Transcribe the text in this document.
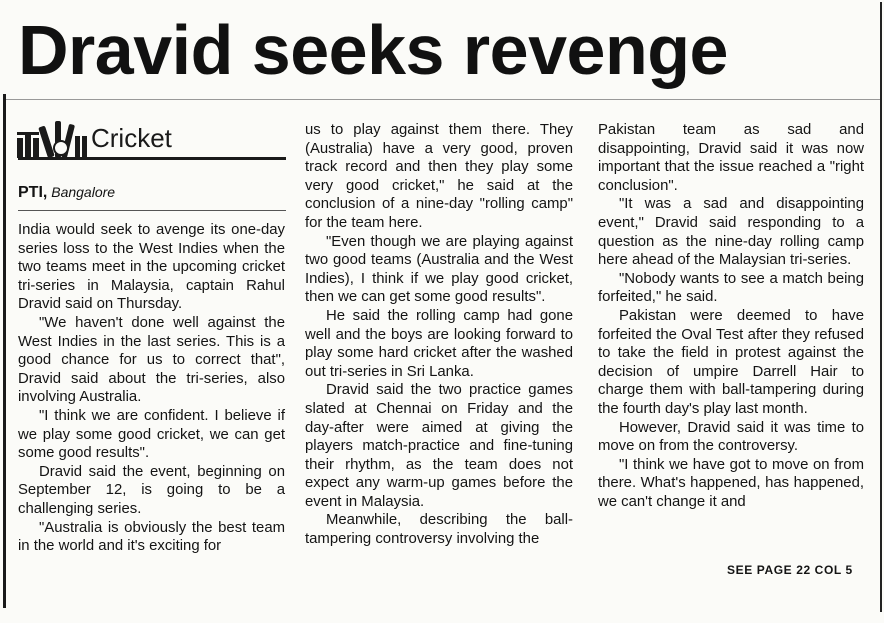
Dravid seeks revenge
Cricket
PTI, Bangalore

India would seek to avenge its one-day series loss to the West Indies when the two teams meet in the upcoming cricket tri-series in Malaysia, captain Rahul Dravid said on Thursday.

"We haven't done well against the West Indies in the last series. This is a good chance for us to correct that", Dravid said about the tri-series, also involving Australia.

"I think we are confident. I believe if we play some good cricket, we can get some good results".

Dravid said the event, beginning on September 12, is going to be a challenging series.

"Australia is obviously the best team in the world and it's exciting for

us to play against them there. They (Australia) have a very good, proven track record and then they play some very good cricket," he said at the conclusion of a nine-day "rolling camp" for the team here.

"Even though we are playing against two good teams (Australia and the West Indies), I think if we play good cricket, then we can get some good results".

He said the rolling camp had gone well and the boys are looking forward to play some hard cricket after the washed out tri-series in Sri Lanka.

Dravid said the two practice games slated at Chennai on Friday and the day-after were aimed at giving the players match-practice and fine-tuning their rhythm, as the team does not expect any warm-up games before the event in Malaysia.

Meanwhile, describing the ball-tampering controversy involving the

Pakistan team as sad and disappointing, Dravid said it was now important that the issue reached a "right conclusion".

"It was a sad and disappointing event," Dravid said responding to a question as the nine-day rolling camp here ahead of the Malaysian tri-series.

"Nobody wants to see a match being forfeited," he said.

Pakistan were deemed to have forfeited the Oval Test after they refused to take the field in protest against the decision of umpire Darrell Hair to charge them with ball-tampering during the fourth day's play last month.

However, Dravid said it was time to move on from the controversy.

"I think we have got to move on from there. What's happened, has happened, we can't change it and

SEE PAGE 22 COL 5
